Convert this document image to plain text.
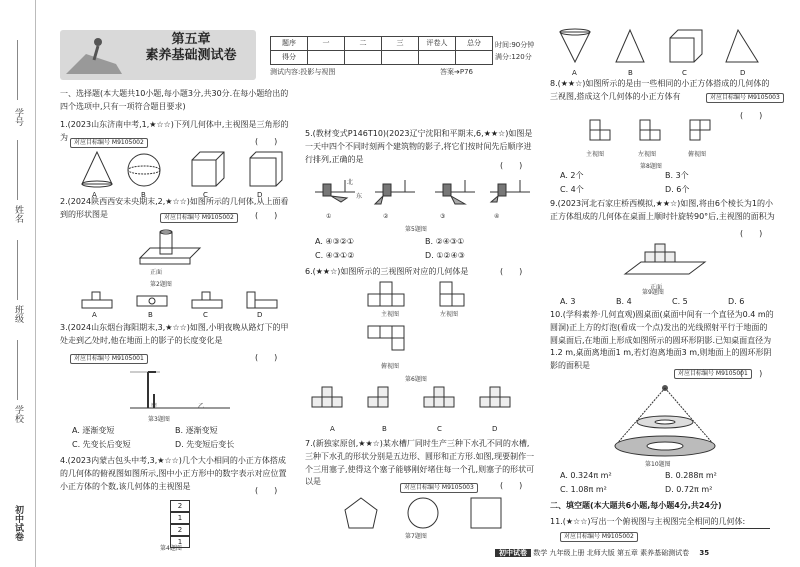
学号
姓名
班级
学校
初中试卷
第五章
素养基础测试卷
题序	一	二	三	评卷人	总分
得分					
时间:90分钟
满分:120分
测试内容:投影与视图	答案➔P76
一、选择题(本大题共10小题,每小题3分,共30分.在每小题给出的四个选项中,只有一项符合题目要求)
1.(2023山东济南中考,1,★☆☆)下列几何体中,主视图是三角形的为
对应目标编号 M9105002	(　　)
A	B	C	D
2.(2024陕西西安未央期末,2,★☆☆)如图所示的几何体,从上面看到的形状图是	对应目标编号 M9105002	(　　)
正面
第2题图
A	B	C	D
3.(2024山东烟台海阳期末,3,★☆☆)如图,小明夜晚从路灯下的甲处走到乙处时,他在地面上的影子的长度变化是
(　　)
对应目标编号 M9105001
甲	乙
第3题图
A. 逐渐变短	B. 逐渐变短
C. 先变长后变短	D. 先变短后变长
4.(2023内蒙古包头中考,3,★☆☆)几个大小相同的小正方体搭成的几何体的俯视图如图所示,图中小正方形中的数字表示对应位置小正方体的个数,该几何体的主视图是	(　　)
2
1
2
1
第4题图
5.(教材变式P146T10)(2023辽宁沈阳和平期末,6,★★☆)如图是一天中四个不同时刻两个建筑物的影子,将它们按时间先后顺序进行排列,正确的是
(　　)
①	②	③	④
北
东
第5题图
A. ④③②①	B. ②④③①
C. ④③①②	D. ①②④③
6.(★★☆)如图所示的三视图所对应的几何体是	(　　)
主视图	左视图
俯视图
第6题图
A	B	C	D
7.(新独家原创,★★☆)某水槽厂同时生产三种下水孔不同的水槽,三种下水孔的形状分别是五边形、圆形和正方形.如图,现要制作一个三用塞子,使得这个塞子能够刚好堵住每一个孔,则塞子的形状可以是
对应目标编号 M9105003	(　　)
第7题图
A	B	C	D
8.(★★☆)如图所示的是由一些相同的小正方体搭成的几何体的三视图,搭成这个几何体的小正方体有	对应目标编号 M9105003
(　　)
主视图	左视图	俯视图
第8题图
A. 2个	B. 3个
C. 4个	D. 6个
9.(2023河北石家庄桥西模拟,★★☆)如图,将由6个棱长为1的小正方体组成的几何体在桌面上顺时针旋转90°后,主视图的面积为
(　　)
正面
第9题图
A. 3	B. 4	C. 5	D. 6
10.(学科素养·几何直观)圆桌面(桌面中间有一个直径为0.4 m的圆洞)正上方的灯泡(看成一个点)发出的光线照射平行于地面的圆桌面后,在地面上形成如图所示的圆环形阴影.已知桌面直径为1.2 m,桌面离地面1 m,若灯泡离地面3 m,则地面上的圆环形阴影的面积是
对应目标编号 M9105001
(　　)
第10题图
A. 0.324π m²	B. 0.288π m²
C. 1.08π m²	D. 0.72π m²
二、填空题(本大题共6小题,每小题4分,共24分)
11.(★☆☆)写出一个俯视图与主视图完全相同的几何体:
对应目标编号 M9105002
初中试卷 数学 九年级上册 北师大版 第五章 素养基础测试卷 35
